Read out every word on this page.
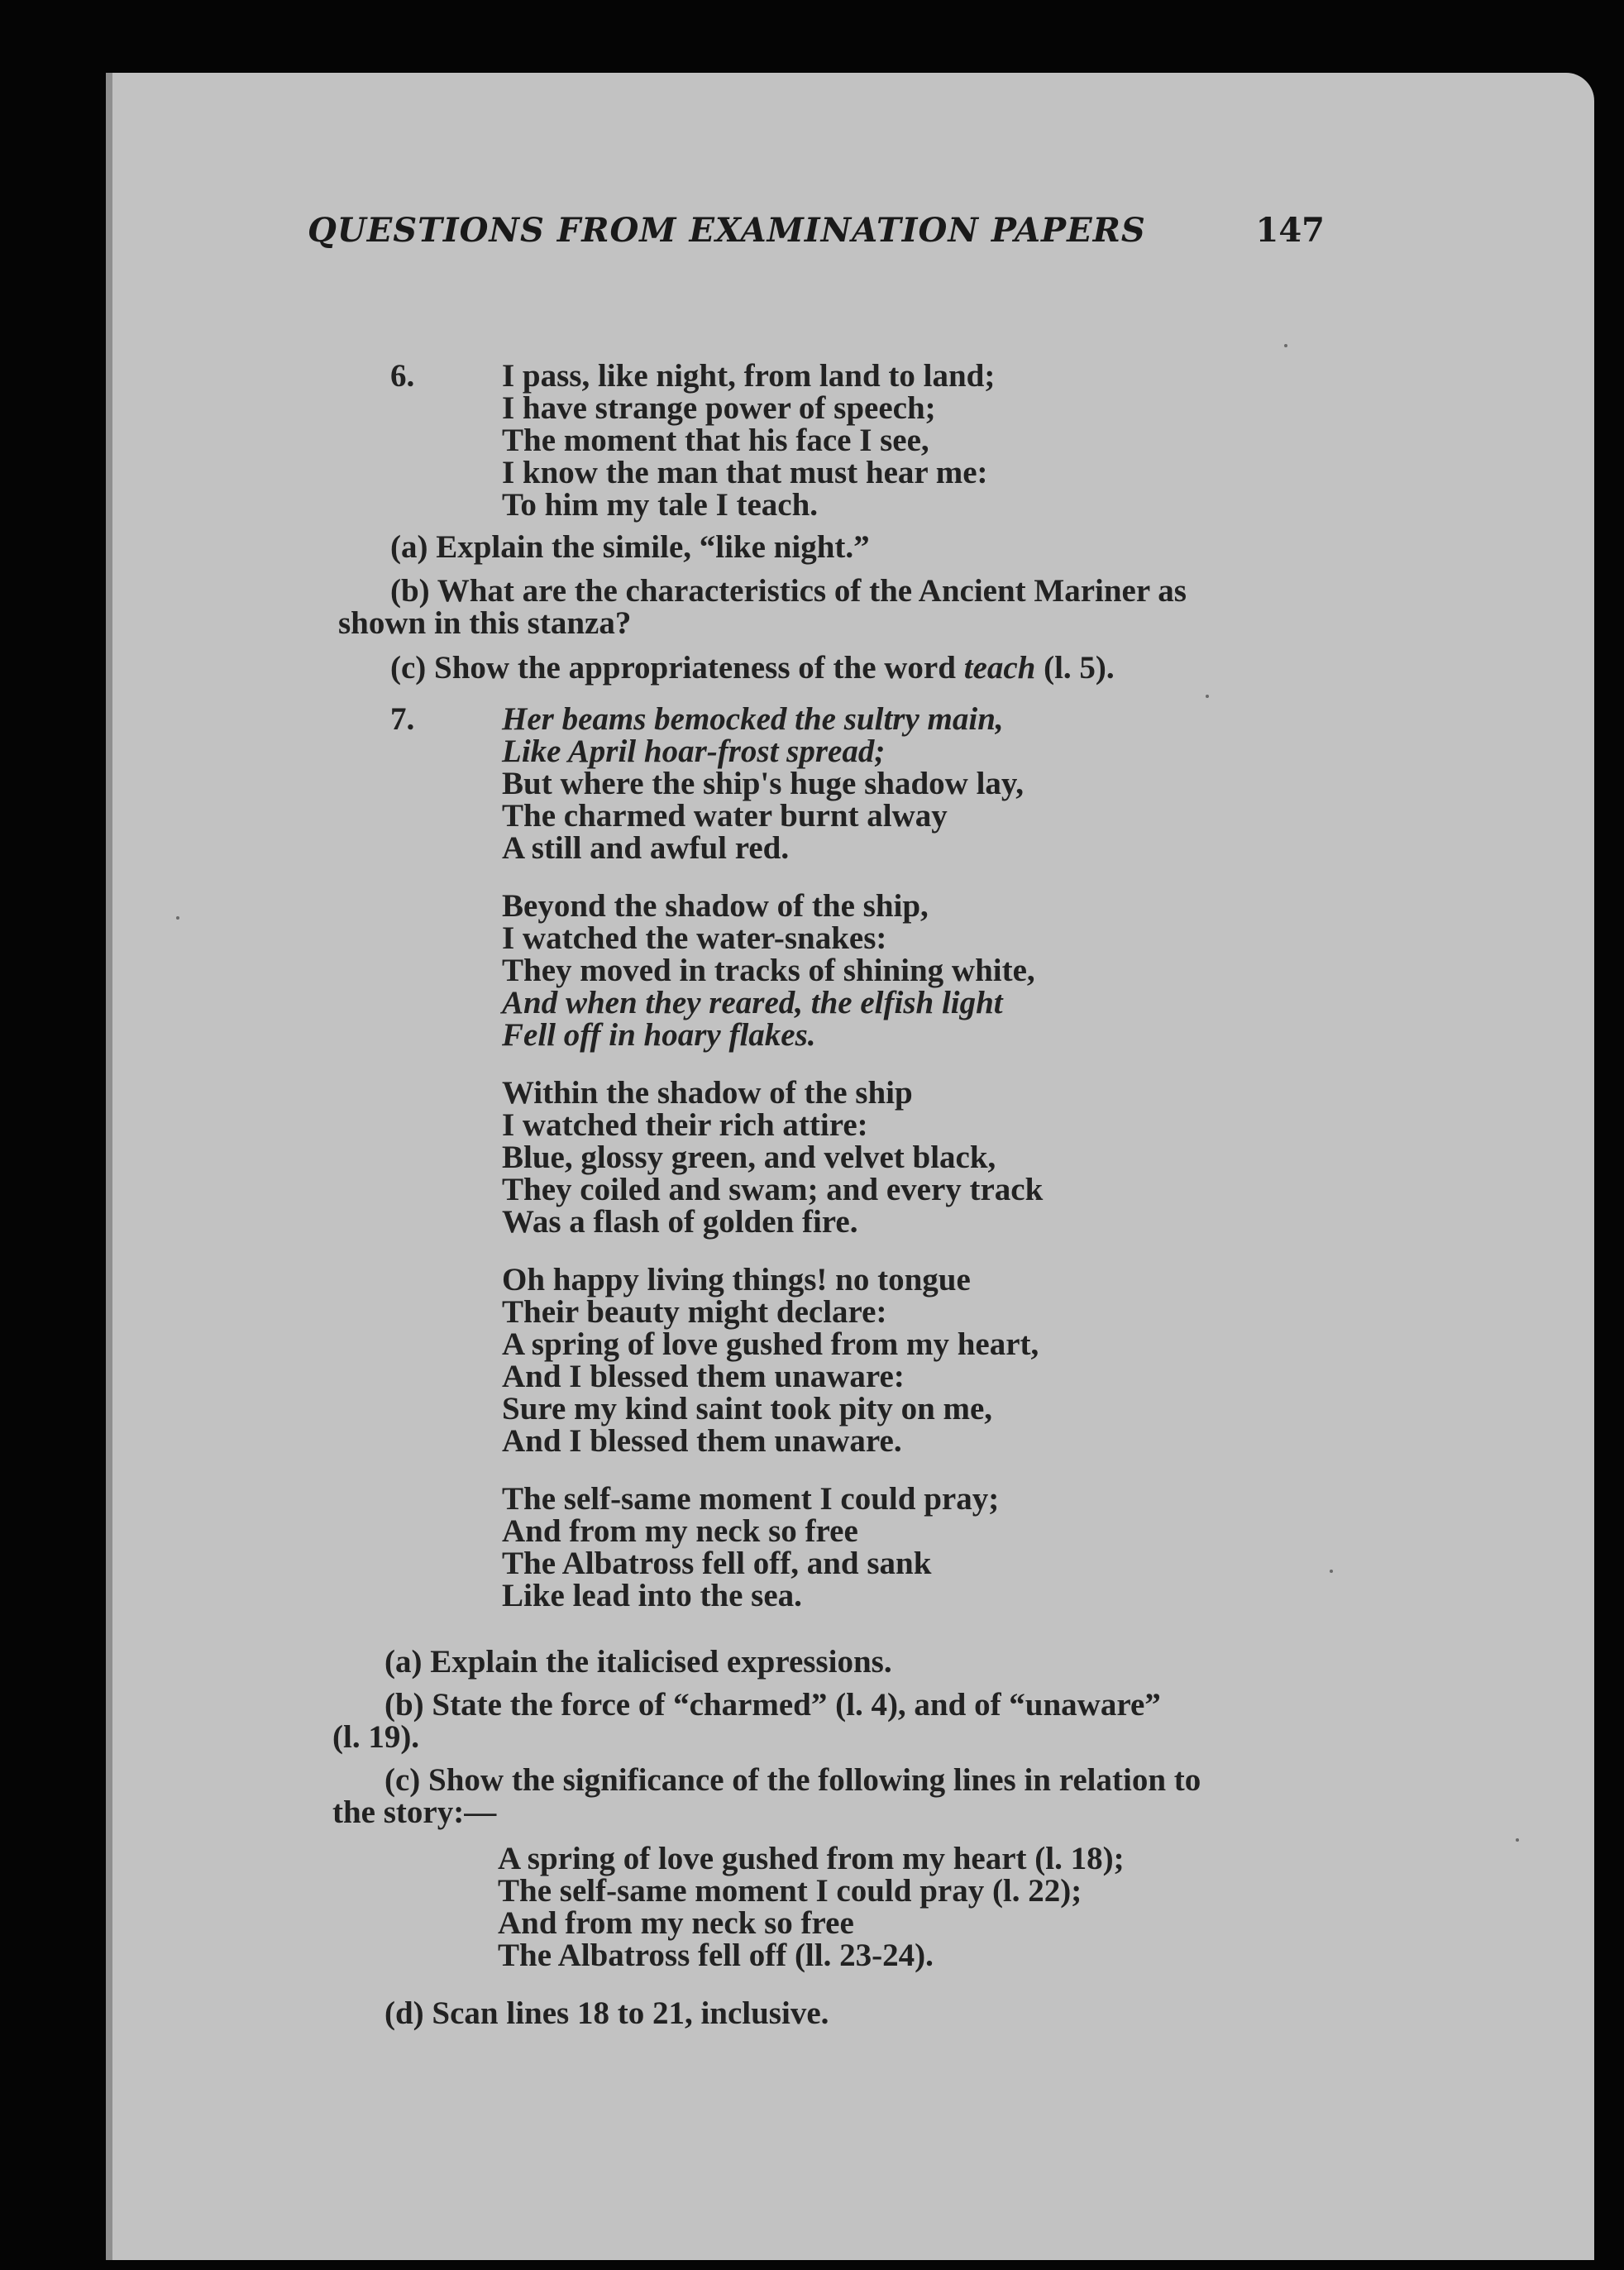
QUESTIONS FROM EXAMINATION PAPERS	147
6.	I pass, like night, from land to land;
I have strange power of speech;
The moment that his face I see,
I know the man that must hear me:
To him my tale I teach.
(a) Explain the simile, “like night.”
(b) What are the characteristics of the Ancient Mariner as
shown in this stanza?
(c) Show the appropriateness of the word teach (l. 5).
7.	Her beams bemocked the sultry main,
Like April hoar-frost spread;
But where the ship's huge shadow lay,
The charmed water burnt alway
A still and awful red.
Beyond the shadow of the ship,
I watched the water-snakes:
They moved in tracks of shining white,
And when they reared, the elfish light
Fell off in hoary flakes.
Within the shadow of the ship
I watched their rich attire:
Blue, glossy green, and velvet black,
They coiled and swam; and every track
Was a flash of golden fire.
Oh happy living things! no tongue
Their beauty might declare:
A spring of love gushed from my heart,
And I blessed them unaware:
Sure my kind saint took pity on me,
And I blessed them unaware.
The self-same moment I could pray;
And from my neck so free
The Albatross fell off, and sank
Like lead into the sea.
(a) Explain the italicised expressions.
(b) State the force of “charmed” (l. 4), and of “unaware”
(l. 19).
(c) Show the significance of the following lines in relation to
the story:—
A spring of love gushed from my heart (l. 18);
The self-same moment I could pray (l. 22);
And from my neck so free
The Albatross fell off (ll. 23-24).
(d) Scan lines 18 to 21, inclusive.
